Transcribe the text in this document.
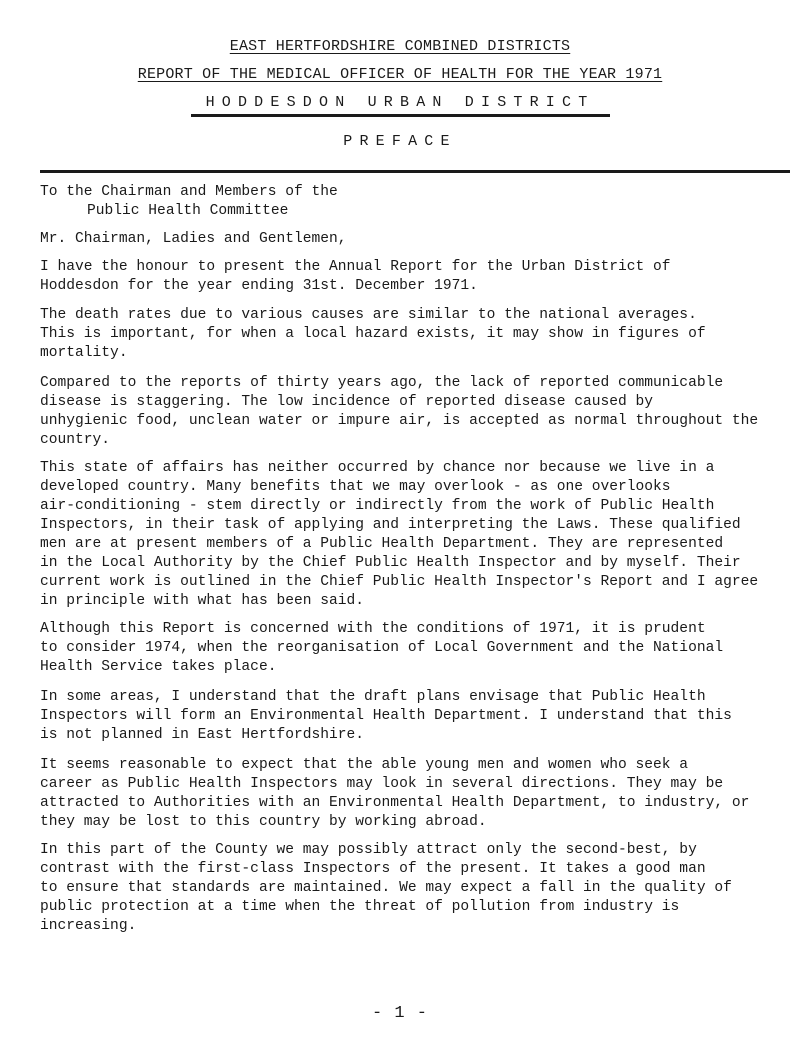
EAST HERTFORDSHIRE COMBINED DISTRICTS
REPORT OF THE MEDICAL OFFICER OF HEALTH FOR THE YEAR 1971
HODDESDON URBAN DISTRICT
PREFACE
To the Chairman and Members of the
Public Health Committee
Mr. Chairman, Ladies and Gentlemen,
I have the honour to present the Annual Report for the Urban District of
Hoddesdon for the year ending 31st. December 1971.
The death rates due to various causes are similar to the national averages.
This is important, for when a local hazard exists, it may show in figures of
mortality.
Compared to the reports of thirty years ago, the lack of reported communicable
disease is staggering. The low incidence of reported disease caused by
unhygienic food, unclean water or impure air, is accepted as normal throughout the
country.
This state of affairs has neither occurred by chance nor because we live in a
developed country. Many benefits that we may overlook - as one overlooks
air-conditioning - stem directly or indirectly from the work of Public Health
Inspectors, in their task of applying and interpreting the Laws. These qualified
men are at present members of a Public Health Department. They are represented
in the Local Authority by the Chief Public Health Inspector and by myself. Their
current work is outlined in the Chief Public Health Inspector's Report and I agree
in principle with what has been said.
Although this Report is concerned with the conditions of 1971, it is prudent
to consider 1974, when the reorganisation of Local Government and the National
Health Service takes place.
In some areas, I understand that the draft plans envisage that Public Health
Inspectors will form an Environmental Health Department. I understand that this
is not planned in East Hertfordshire.
It seems reasonable to expect that the able young men and women who seek a
career as Public Health Inspectors may look in several directions. They may be
attracted to Authorities with an Environmental Health Department, to industry, or
they may be lost to this country by working abroad.
In this part of the County we may possibly attract only the second-best, by
contrast with the first-class Inspectors of the present. It takes a good man
to ensure that standards are maintained. We may expect a fall in the quality of
public protection at a time when the threat of pollution from industry is
increasing.
- 1 -
